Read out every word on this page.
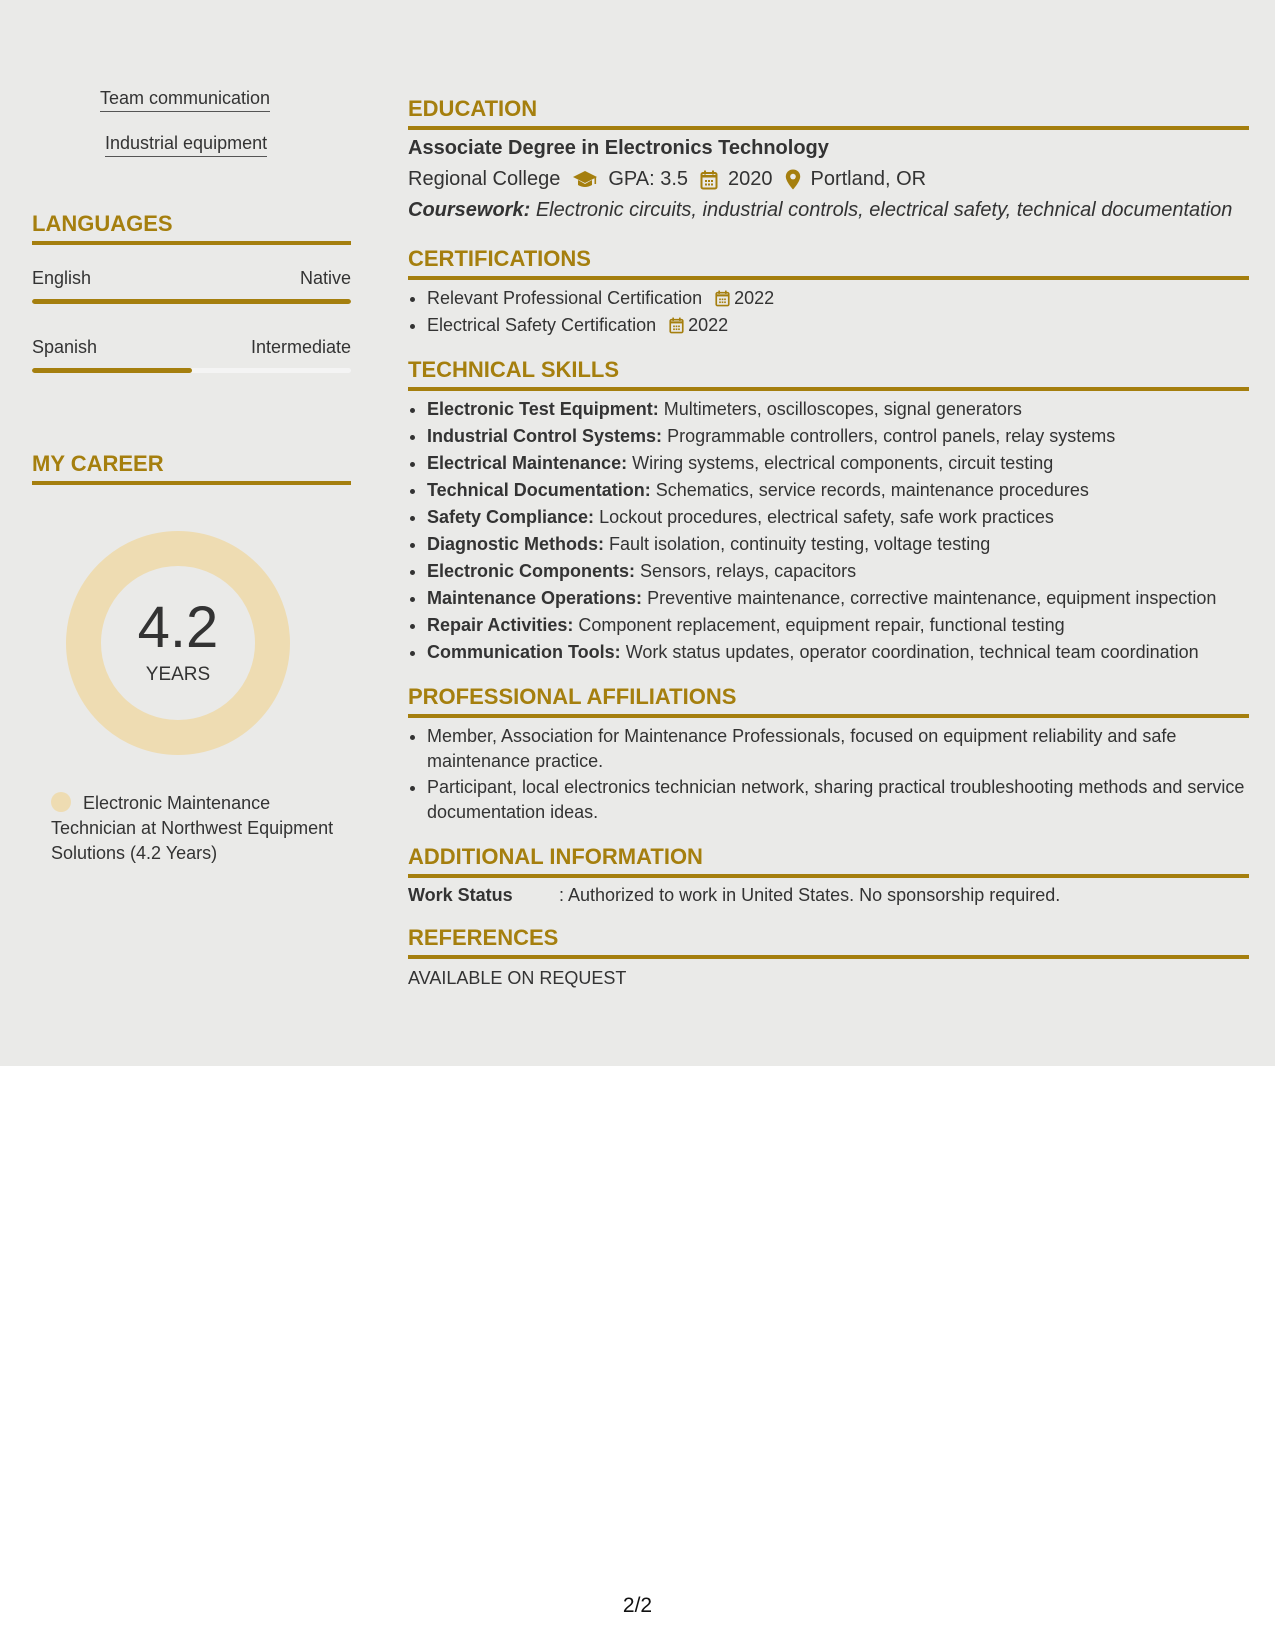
Team communication
Industrial equipment
LANGUAGES
English	Native
Spanish	Intermediate
MY CAREER
4.2
YEARS
Electronic Maintenance Technician at Northwest Equipment Solutions (4.2 Years)
EDUCATION
Associate Degree in Electronics Technology
Regional College GPA: 3.5 2020 Portland, OR
Coursework: Electronic circuits, industrial controls, electrical safety, technical documentation
CERTIFICATIONS
• Relevant Professional Certification 2022
• Electrical Safety Certification 2022
TECHNICAL SKILLS
• Electronic Test Equipment: Multimeters, oscilloscopes, signal generators
• Industrial Control Systems: Programmable controllers, control panels, relay systems
• Electrical Maintenance: Wiring systems, electrical components, circuit testing
• Technical Documentation: Schematics, service records, maintenance procedures
• Safety Compliance: Lockout procedures, electrical safety, safe work practices
• Diagnostic Methods: Fault isolation, continuity testing, voltage testing
• Electronic Components: Sensors, relays, capacitors
• Maintenance Operations: Preventive maintenance, corrective maintenance, equipment inspection
• Repair Activities: Component replacement, equipment repair, functional testing
• Communication Tools: Work status updates, operator coordination, technical team coordination
PROFESSIONAL AFFILIATIONS
• Member, Association for Maintenance Professionals, focused on equipment reliability and safe maintenance practice.
• Participant, local electronics technician network, sharing practical troubleshooting methods and service documentation ideas.
ADDITIONAL INFORMATION
Work Status	: Authorized to work in United States. No sponsorship required.
REFERENCES
AVAILABLE ON REQUEST
2/2
